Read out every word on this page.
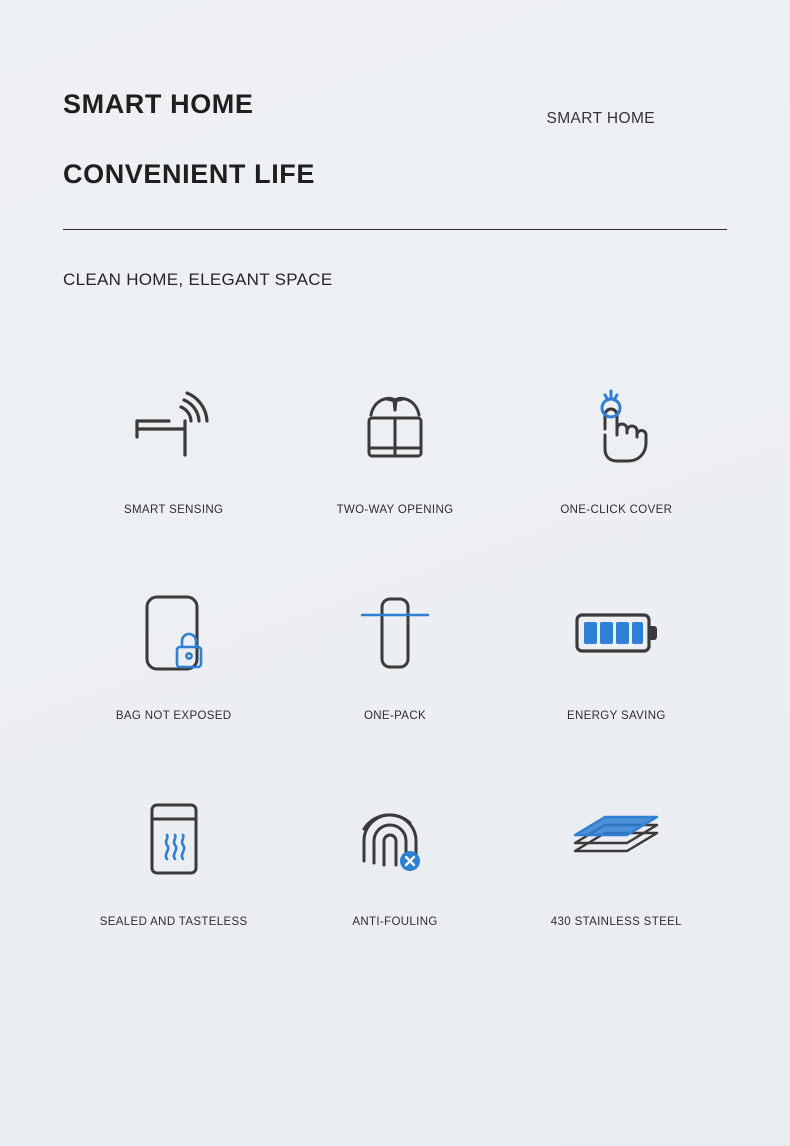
SMART HOME
CONVENIENT LIFE
SMART HOME
CLEAN HOME, ELEGANT SPACE
SMART SENSING	TWO-WAY OPENING	ONE-CLICK COVER
BAG NOT EXPOSED	ONE-PACK	ENERGY SAVING
SEALED AND TASTELESS	ANTI-FOULING	430 STAINLESS STEEL
